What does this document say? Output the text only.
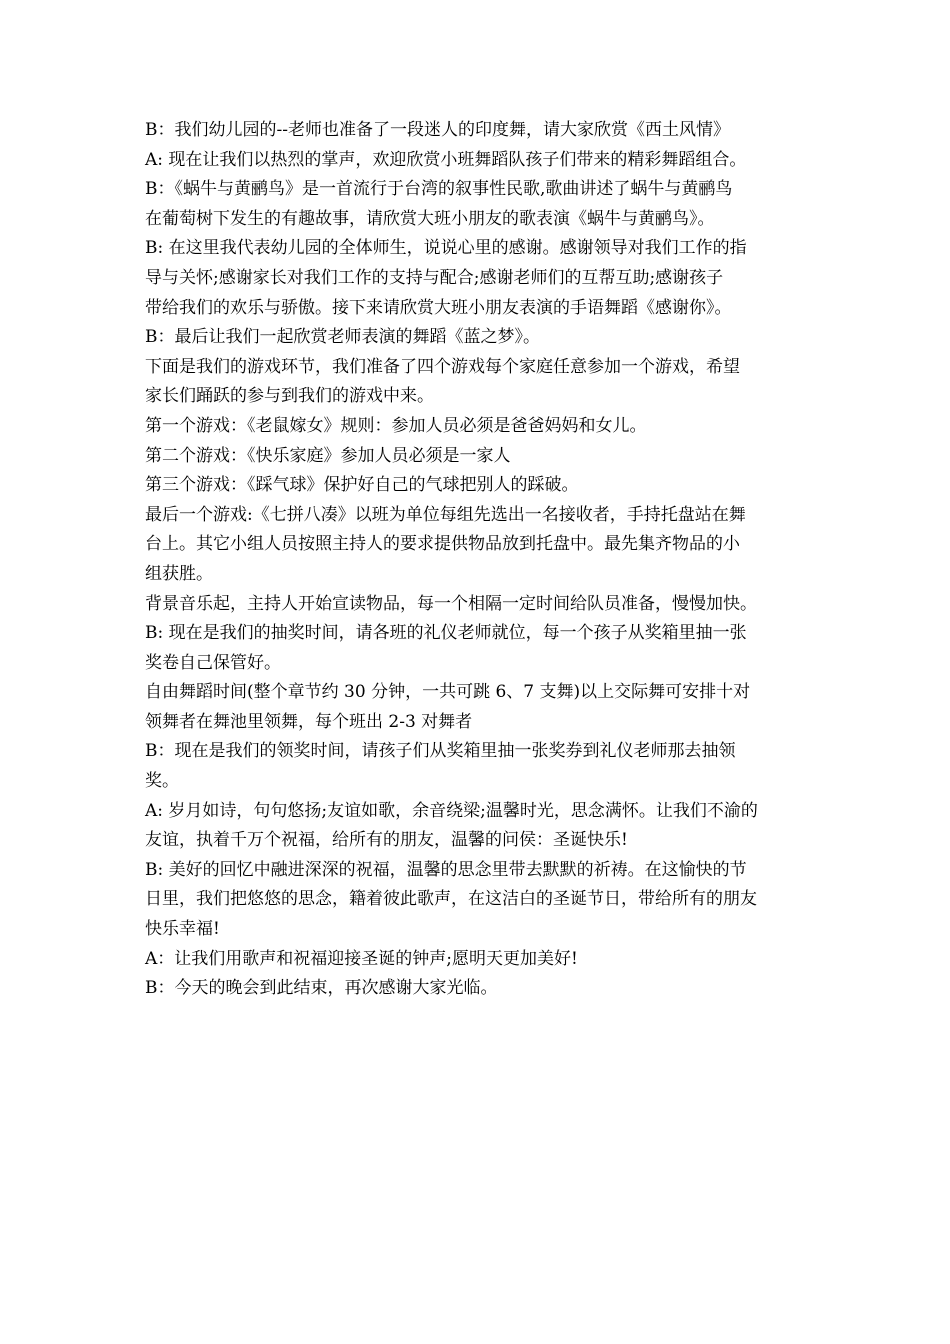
B：我们幼儿园的--老师也准备了一段迷人的印度舞，请大家欣赏《西土风情》
A: 现在让我们以热烈的掌声，欢迎欣赏小班舞蹈队孩子们带来的精彩舞蹈组合。
B：《蜗牛与黄鹂鸟》是一首流行于台湾的叙事性民歌,歌曲讲述了蜗牛与黄鹂鸟
在葡萄树下发生的有趣故事，请欣赏大班小朋友的歌表演《蜗牛与黄鹂鸟》。
B: 在这里我代表幼儿园的全体师生，说说心里的感谢。感谢领导对我们工作的指
导与关怀;感谢家长对我们工作的支持与配合;感谢老师们的互帮互助;感谢孩子
带给我们的欢乐与骄傲。接下来请欣赏大班小朋友表演的手语舞蹈《感谢你》。
B：最后让我们一起欣赏老师表演的舞蹈《蓝之梦》。
下面是我们的游戏环节，我们准备了四个游戏每个家庭任意参加一个游戏，希望
家长们踊跃的参与到我们的游戏中来。
第一个游戏：《老鼠嫁女》规则：参加人员必须是爸爸妈妈和女儿。
第二个游戏：《快乐家庭》参加人员必须是一家人
第三个游戏：《踩气球》保护好自己的气球把别人的踩破。
最后一个游戏:《七拼八凑》以班为单位每组先选出一名接收者，手持托盘站在舞
台上。其它小组人员按照主持人的要求提供物品放到托盘中。最先集齐物品的小
组获胜。
背景音乐起，主持人开始宣读物品，每一个相隔一定时间给队员准备，慢慢加快。
B: 现在是我们的抽奖时间，请各班的礼仪老师就位，每一个孩子从奖箱里抽一张
奖卷自己保管好。
自由舞蹈时间(整个章节约 30 分钟，一共可跳 6、7 支舞)以上交际舞可安排十对
领舞者在舞池里领舞，每个班出 2-3 对舞者
B：现在是我们的领奖时间，请孩子们从奖箱里抽一张奖券到礼仪老师那去抽领
奖。
A: 岁月如诗，句句悠扬;友谊如歌，余音绕梁;温馨时光，思念满怀。让我们不渝的
友谊，执着千万个祝福，给所有的朋友，温馨的问侯：圣诞快乐!
B: 美好的回忆中融进深深的祝福，温馨的思念里带去默默的祈祷。在这愉快的节
日里，我们把悠悠的思念，籍着彼此歌声，在这洁白的圣诞节日，带给所有的朋友
快乐幸福!
A：让我们用歌声和祝福迎接圣诞的钟声;愿明天更加美好!
B：今天的晚会到此结束，再次感谢大家光临。
